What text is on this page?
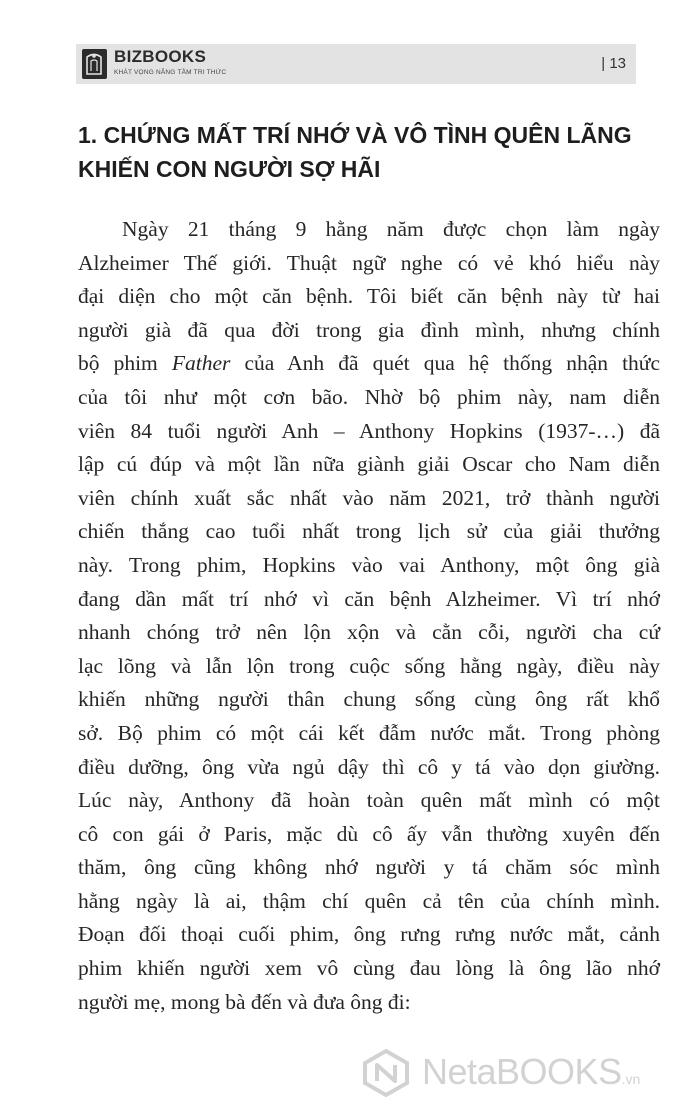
BIZBOOKS
KHÁT VỌNG NÂNG TẦM TRI THỨC
| 13
1. CHỨNG MẤT TRÍ NHỚ VÀ VÔ TÌNH QUÊN LÃNG
KHIẾN CON NGƯỜI SỢ HÃI
Ngày 21 tháng 9 hằng năm được chọn làm ngày
Alzheimer Thế giới. Thuật ngữ nghe có vẻ khó hiểu này
đại diện cho một căn bệnh. Tôi biết căn bệnh này từ hai
người già đã qua đời trong gia đình mình, nhưng chính
bộ phim Father của Anh đã quét qua hệ thống nhận thức
của tôi như một cơn bão. Nhờ bộ phim này, nam diễn
viên 84 tuổi người Anh – Anthony Hopkins (1937-…) đã
lập cú đúp và một lần nữa giành giải Oscar cho Nam diễn
viên chính xuất sắc nhất vào năm 2021, trở thành người
chiến thắng cao tuổi nhất trong lịch sử của giải thưởng
này. Trong phim, Hopkins vào vai Anthony, một ông già
đang dần mất trí nhớ vì căn bệnh Alzheimer. Vì trí nhớ
nhanh chóng trở nên lộn xộn và cằn cỗi, người cha cứ
lạc lõng và lẫn lộn trong cuộc sống hằng ngày, điều này
khiến những người thân chung sống cùng ông rất khổ
sở. Bộ phim có một cái kết đẫm nước mắt. Trong phòng
điều dưỡng, ông vừa ngủ dậy thì cô y tá vào dọn giường.
Lúc này, Anthony đã hoàn toàn quên mất mình có một
cô con gái ở Paris, mặc dù cô ấy vẫn thường xuyên đến
thăm, ông cũng không nhớ người y tá chăm sóc mình
hằng ngày là ai, thậm chí quên cả tên của chính mình.
Đoạn đối thoại cuối phim, ông rưng rưng nước mắt, cảnh
phim khiến người xem vô cùng đau lòng là ông lão nhớ
người mẹ, mong bà đến và đưa ông đi:
NetaBOOKS.vn
